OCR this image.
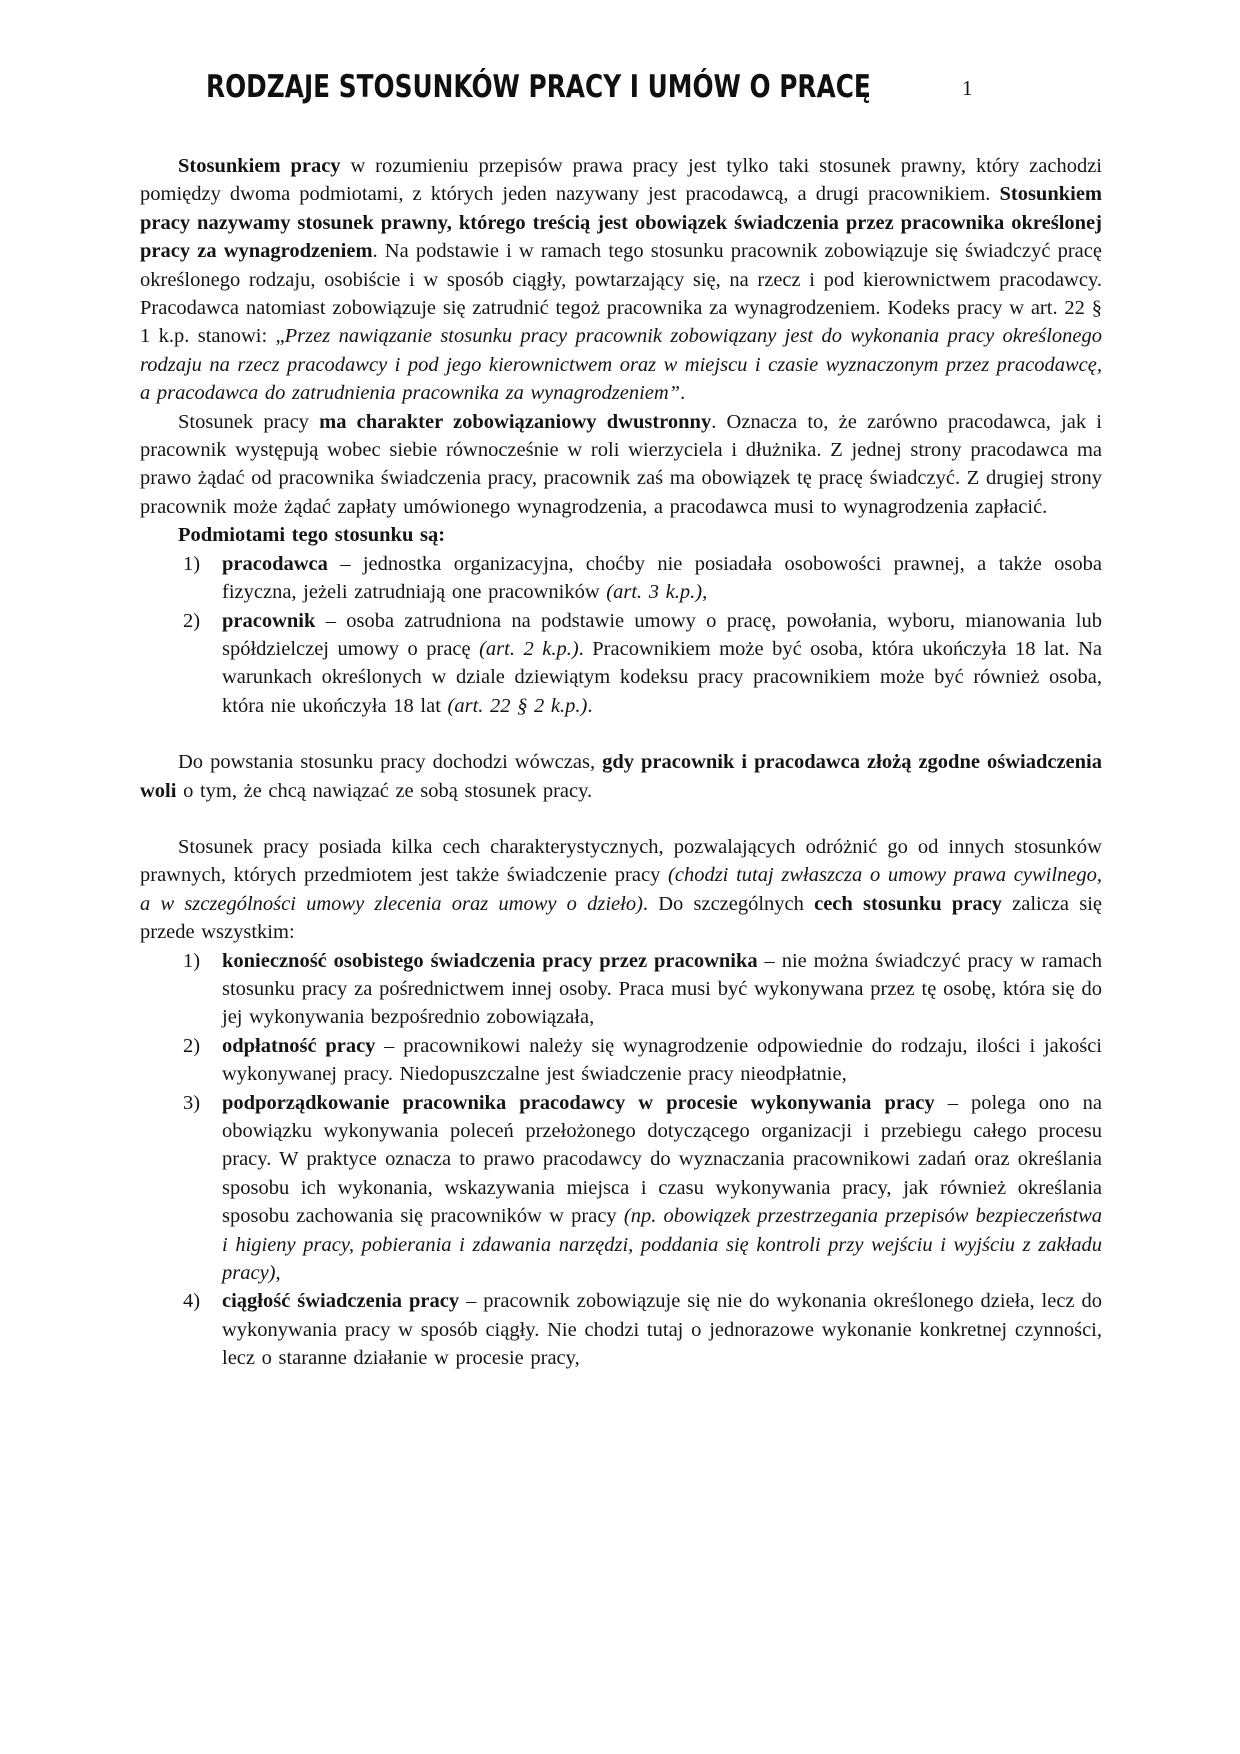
RODZAJE STOSUNKÓW PRACY I UMÓW O PRACĘ	1

Stosunkiem pracy w rozumieniu przepisów prawa pracy jest tylko taki stosunek prawny, który zachodzi pomiędzy dwoma podmiotami, z których jeden nazywany jest pracodawcą, a drugi pracownikiem. Stosunkiem pracy nazywamy stosunek prawny, którego treścią jest obowiązek świadczenia przez pracownika określonej pracy za wynagrodzeniem. Na podstawie i w ramach tego stosunku pracownik zobowiązuje się świadczyć pracę określonego rodzaju, osobiście i w sposób ciągły, powtarzający się, na rzecz i pod kierownictwem pracodawcy. Pracodawca natomiast zobowiązuje się zatrudnić tegoż pracownika za wynagrodzeniem. Kodeks pracy w art. 22 § 1 k.p. stanowi: „Przez nawiązanie stosunku pracy pracownik zobowiązany jest do wykonania pracy określonego rodzaju na rzecz pracodawcy i pod jego kierownictwem oraz w miejscu i czasie wyznaczonym przez pracodawcę, a pracodawca do zatrudnienia pracownika za wynagrodzeniem”.

Stosunek pracy ma charakter zobowiązaniowy dwustronny. Oznacza to, że zarówno pracodawca, jak i pracownik występują wobec siebie równocześnie w roli wierzyciela i dłużnika. Z jednej strony pracodawca ma prawo żądać od pracownika świadczenia pracy, pracownik zaś ma obowiązek tę pracę świadczyć. Z drugiej strony pracownik może żądać zapłaty umówionego wynagrodzenia, a pracodawca musi to wynagrodzenia zapłacić.

Podmiotami tego stosunku są:

1) pracodawca – jednostka organizacyjna, choćby nie posiadała osobowości prawnej, a także osoba fizyczna, jeżeli zatrudniają one pracowników (art. 3 k.p.),
2) pracownik – osoba zatrudniona na podstawie umowy o pracę, powołania, wyboru, mianowania lub spółdzielczej umowy o pracę (art. 2 k.p.). Pracownikiem może być osoba, która ukończyła 18 lat. Na warunkach określonych w dziale dziewiątym kodeksu pracy pracownikiem może być również osoba, która nie ukończyła 18 lat (art. 22 § 2 k.p.).

Do powstania stosunku pracy dochodzi wówczas, gdy pracownik i pracodawca złożą zgodne oświadczenia woli o tym, że chcą nawiązać ze sobą stosunek pracy.

Stosunek pracy posiada kilka cech charakterystycznych, pozwalających odróżnić go od innych stosunków prawnych, których przedmiotem jest także świadczenie pracy (chodzi tutaj zwłaszcza o umowy prawa cywilnego, a w szczególności umowy zlecenia oraz umowy o dzieło). Do szczególnych cech stosunku pracy zalicza się przede wszystkim:

1) konieczność osobistego świadczenia pracy przez pracownika – nie można świadczyć pracy w ramach stosunku pracy za pośrednictwem innej osoby. Praca musi być wykonywana przez tę osobę, która się do jej wykonywania bezpośrednio zobowiązała,
2) odpłatność pracy – pracownikowi należy się wynagrodzenie odpowiednie do rodzaju, ilości i jakości wykonywanej pracy. Niedopuszczalne jest świadczenie pracy nieodpłatnie,
3) podporządkowanie pracownika pracodawcy w procesie wykonywania pracy – polega ono na obowiązku wykonywania poleceń przełożonego dotyczącego organizacji i przebiegu całego procesu pracy. W praktyce oznacza to prawo pracodawcy do wyznaczania pracownikowi zadań oraz określania sposobu ich wykonania, wskazywania miejsca i czasu wykonywania pracy, jak również określania sposobu zachowania się pracowników w pracy (np. obowiązek przestrzegania przepisów bezpieczeństwa i higieny pracy, pobierania i zdawania narzędzi, poddania się kontroli przy wejściu i wyjściu z zakładu pracy),
4) ciągłość świadczenia pracy – pracownik zobowiązuje się nie do wykonania określonego dzieła, lecz do wykonywania pracy w sposób ciągły. Nie chodzi tutaj o jednorazowe wykonanie konkretnej czynności, lecz o staranne działanie w procesie pracy,
